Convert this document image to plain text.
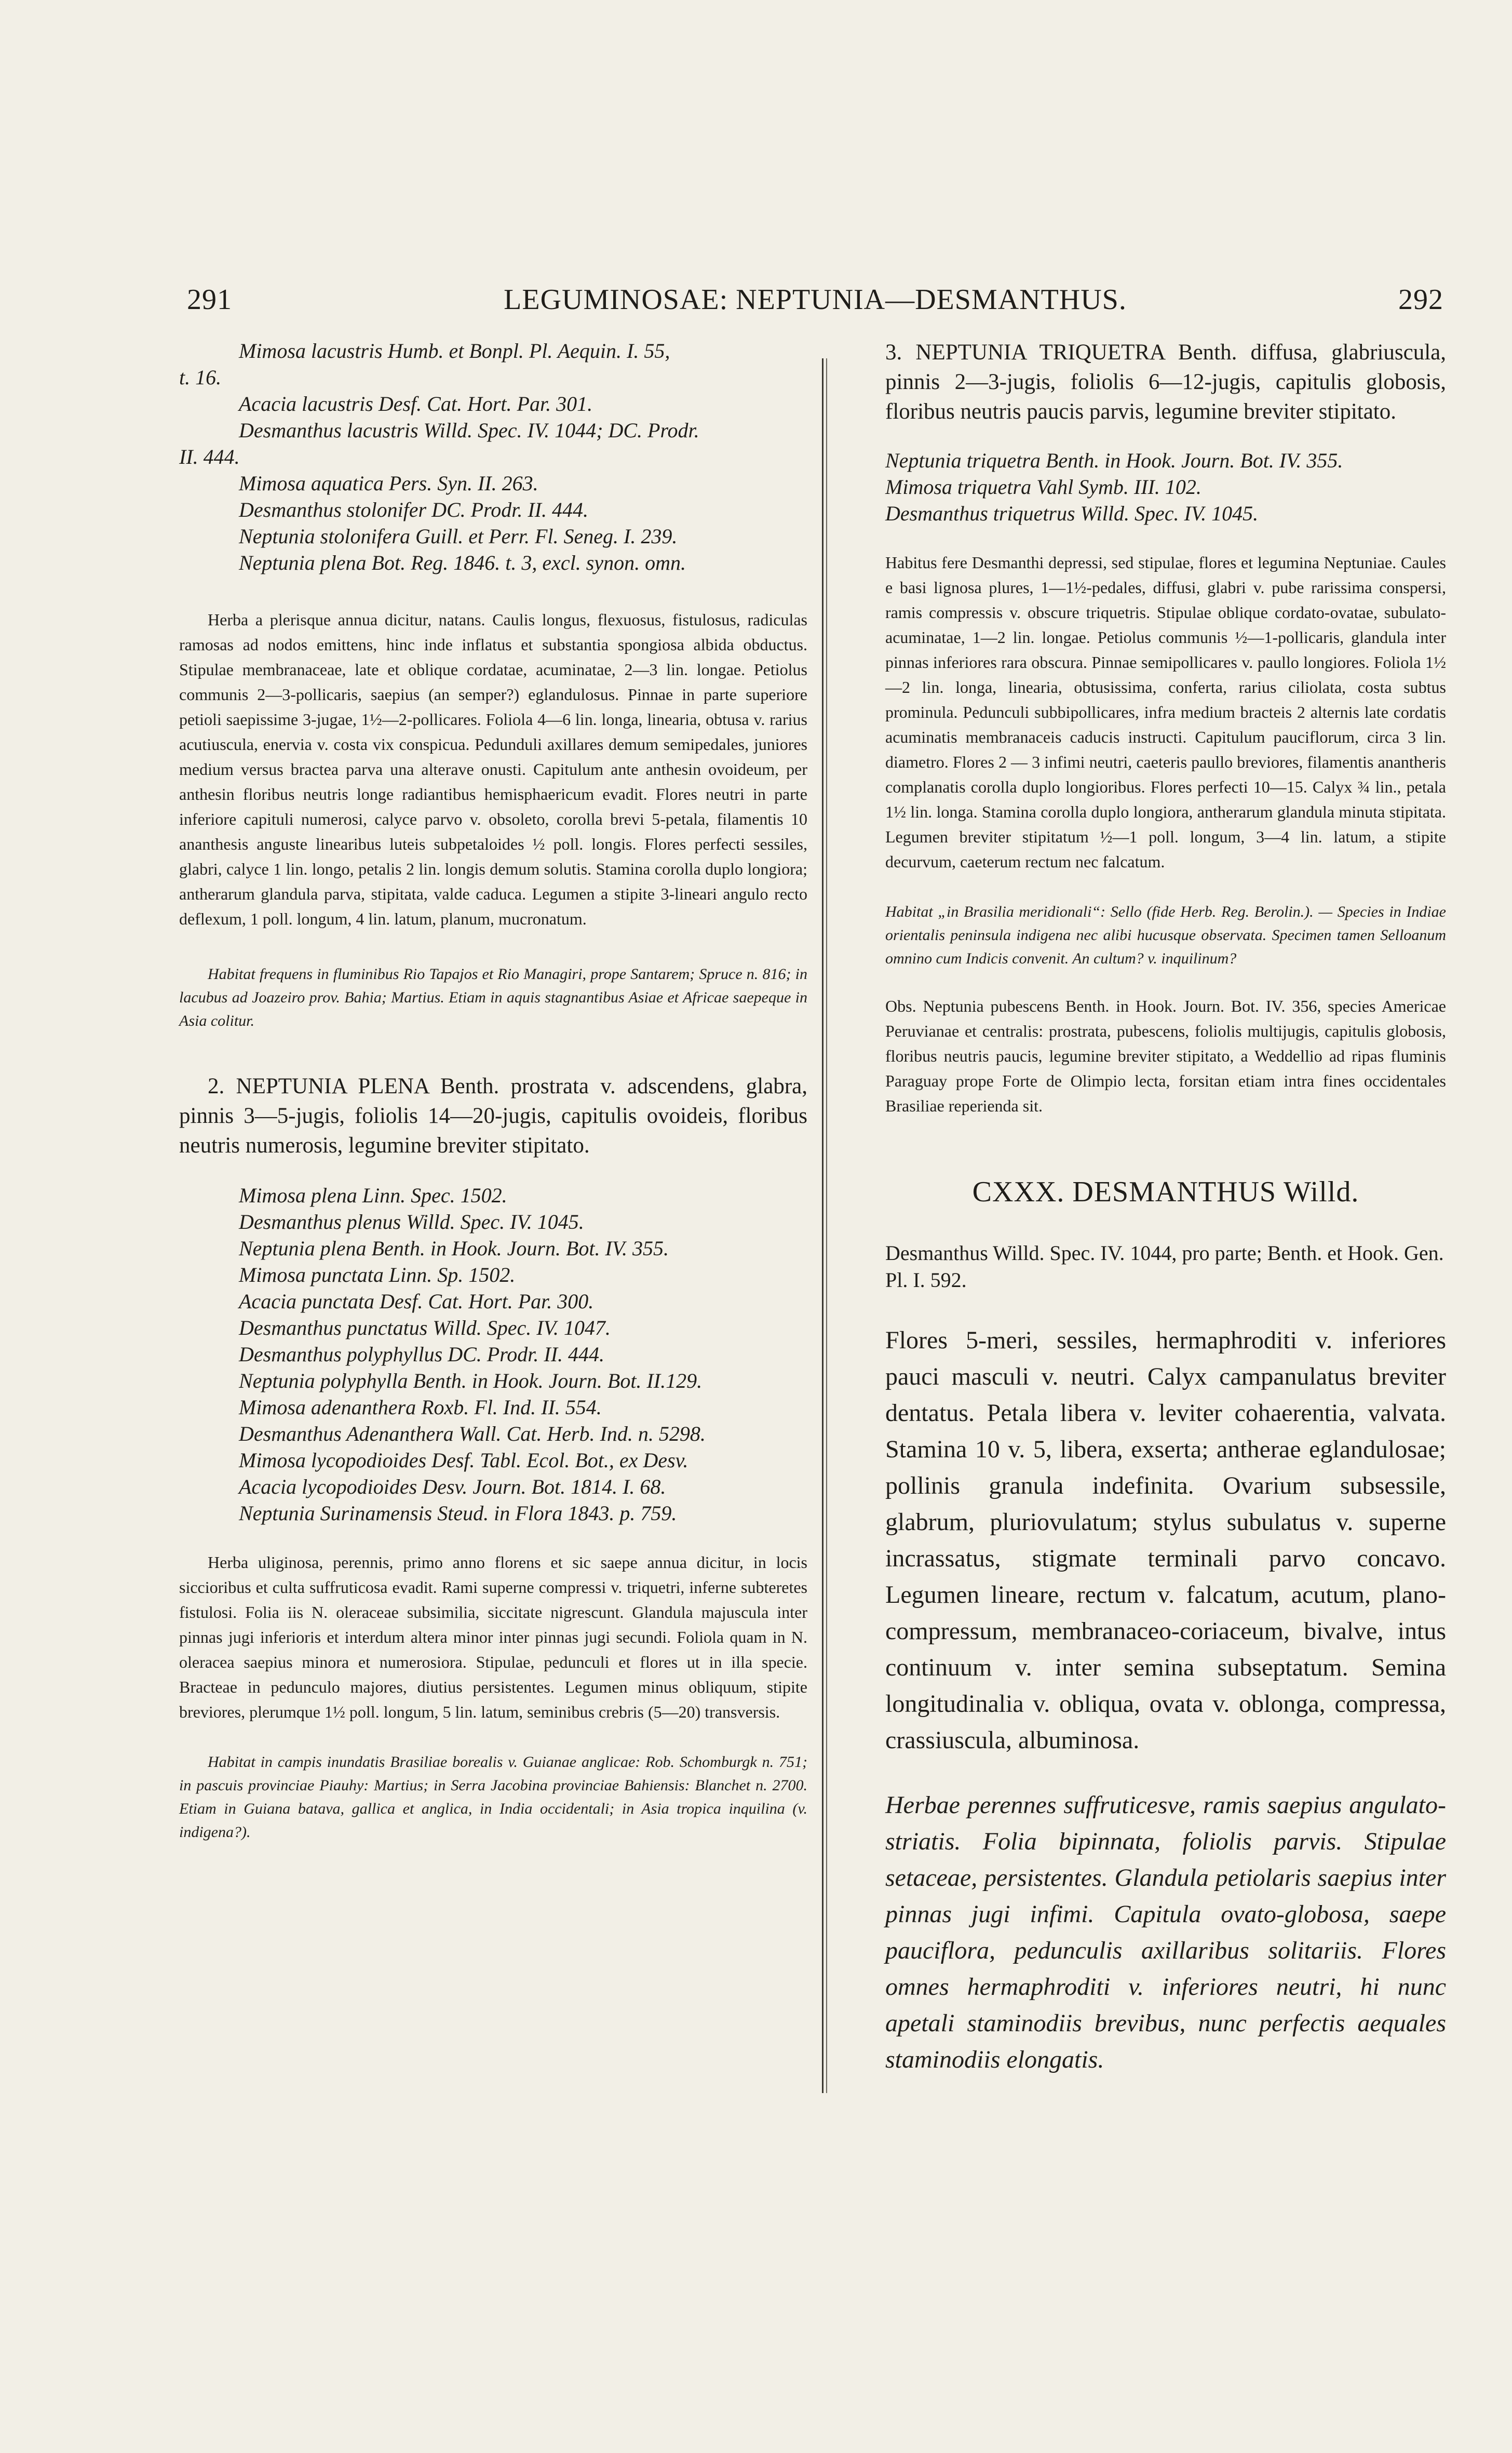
291	LEGUMINOSAE: NEPTUNIA—DESMANTHUS.	292
Mimosa lacustris Humb. et Bonpl. Pl. Aequin. I. 55,
t. 16.
Acacia lacustris Desf. Cat. Hort. Par. 301.
Desmanthus lacustris Willd. Spec. IV. 1044; DC. Prodr.
II. 444.
Mimosa aquatica Pers. Syn. II. 263.
Desmanthus stolonifer DC. Prodr. II. 444.
Neptunia stolonifera Guill. et Perr. Fl. Seneg. I. 239.
Neptunia plena Bot. Reg. 1846. t. 3, excl. synon. omn.

Herba a plerisque annua dicitur, natans. Caulis longus, flexuosus, fistulosus, radiculas ramosas ad nodos emittens, hinc inde inflatus et substantia spongiosa albida obductus. Stipulae membranaceae, late et oblique cordatae, acuminatae, 2—3 lin. longae. Petiolus communis 2—3-pollicaris, saepius (an semper?) eglandulosus. Pinnae in parte superiore petioli saepissime 3-jugae, 1½—2-pollicares. Foliola 4—6 lin. longa, linearia, obtusa v. rarius acutiuscula, enervia v. costa vix conspicua. Pedunduli axillares demum semipedales, juniores medium versus bractea parva una alterave onusti. Capitulum ante anthesin ovoideum, per anthesin floribus neutris longe radiantibus hemisphaericum evadit. Flores neutri in parte inferiore capituli numerosi, calyce parvo v. obsoleto, corolla brevi 5-petala, filamentis 10 ananthesis anguste linearibus luteis subpetaloides ½ poll. longis. Flores perfecti sessiles, glabri, calyce 1 lin. longo, petalis 2 lin. longis demum solutis. Stamina corolla duplo longiora; antherarum glandula parva, stipitata, valde caduca. Legumen a stipite 3-lineari angulo recto deflexum, 1 poll. longum, 4 lin. latum, planum, mucronatum.

Habitat frequens in fluminibus Rio Tapajos et Rio Managiri, prope Santarem; Spruce n. 816; in lacubus ad Joazeiro prov. Bahia; Martius. Etiam in aquis stagnantibus Asiae et Africae saepeque in Asia colitur.

2. NEPTUNIA PLENA Benth. prostrata v. adscendens, glabra, pinnis 3—5-jugis, foliolis 14—20-jugis, capitulis ovoideis, floribus neutris numerosis, legumine breviter stipitato.

Mimosa plena Linn. Spec. 1502.
Desmanthus plenus Willd. Spec. IV. 1045.
Neptunia plena Benth. in Hook. Journ. Bot. IV. 355.
Mimosa punctata Linn. Sp. 1502.
Acacia punctata Desf. Cat. Hort. Par. 300.
Desmanthus punctatus Willd. Spec. IV. 1047.
Desmanthus polyphyllus DC. Prodr. II. 444.
Neptunia polyphylla Benth. in Hook. Journ. Bot. II.129.
Mimosa adenanthera Roxb. Fl. Ind. II. 554.
Desmanthus Adenanthera Wall. Cat. Herb. Ind. n. 5298.
Mimosa lycopodioides Desf. Tabl. Ecol. Bot., ex Desv.
Acacia lycopodioides Desv. Journ. Bot. 1814. I. 68.
Neptunia Surinamensis Steud. in Flora 1843. p. 759.

Herba uliginosa, perennis, primo anno florens et sic saepe annua dicitur, in locis siccioribus et culta suffruticosa evadit. Rami superne compressi v. triquetri, inferne subteretes fistulosi. Folia iis N. oleraceae subsimilia, siccitate nigrescunt. Glandula majuscula inter pinnas jugi inferioris et interdum altera minor inter pinnas jugi secundi. Foliola quam in N. oleracea saepius minora et numerosiora. Stipulae, pedunculi et flores ut in illa specie. Bracteae in pedunculo majores, diutius persistentes. Legumen minus obliquum, stipite breviores, plerumque 1½ poll. longum, 5 lin. latum, seminibus crebris (5—20) transversis.

Habitat in campis inundatis Brasiliae borealis v. Guianae anglicae: Rob. Schomburgk n. 751; in pascuis provinciae Piauhy: Martius; in Serra Jacobina provinciae Bahiensis: Blanchet n. 2700. Etiam in Guiana batava, gallica et anglica, in India occidentali; in Asia tropica inquilina (v. indigena?).

3. NEPTUNIA TRIQUETRA Benth. diffusa, glabriuscula, pinnis 2—3-jugis, foliolis 6—12-jugis, capitulis globosis, floribus neutris paucis parvis, legumine breviter stipitato.

Neptunia triquetra Benth. in Hook. Journ. Bot. IV. 355.
Mimosa triquetra Vahl Symb. III. 102.
Desmanthus triquetrus Willd. Spec. IV. 1045.

Habitus fere Desmanthi depressi, sed stipulae, flores et legumina Neptuniae. Caules e basi lignosa plures, 1—1½-pedales, diffusi, glabri v. pube rarissima conspersi, ramis compressis v. obscure triquetris. Stipulae oblique cordato-ovatae, subulato-acuminatae, 1—2 lin. longae. Petiolus communis ½—1-pollicaris, glandula inter pinnas inferiores rara obscura. Pinnae semipollicares v. paullo longiores. Foliola 1½—2 lin. longa, linearia, obtusissima, conferta, rarius ciliolata, costa subtus prominula. Pedunculi subbipollicares, infra medium bracteis 2 alternis late cordatis acuminatis membranaceis caducis instructi. Capitulum pauciflorum, circa 3 lin. diametro. Flores 2 — 3 infimi neutri, caeteris paullo breviores, filamentis anantheris complanatis corolla duplo longioribus. Flores perfecti 10—15. Calyx ¾ lin., petala 1½ lin. longa. Stamina corolla duplo longiora, antherarum glandula minuta stipitata. Legumen breviter stipitatum ½—1 poll. longum, 3—4 lin. latum, a stipite decurvum, caeterum rectum nec falcatum.

Habitat „in Brasilia meridionali“: Sello (fide Herb. Reg. Berolin.). — Species in Indiae orientalis peninsula indigena nec alibi hucusque observata. Specimen tamen Selloanum omnino cum Indicis convenit. An cultum? v. inquilinum?

Obs. Neptunia pubescens Benth. in Hook. Journ. Bot. IV. 356, species Americae Peruvianae et centralis: prostrata, pubescens, foliolis multijugis, capitulis globosis, floribus neutris paucis, legumine breviter stipitato, a Weddellio ad ripas fluminis Paraguay prope Forte de Olimpio lecta, forsitan etiam intra fines occidentales Brasiliae reperienda sit.

CXXX. DESMANTHUS Willd.

Desmanthus Willd. Spec. IV. 1044, pro parte; Benth. et Hook. Gen. Pl. I. 592.

Flores 5-meri, sessiles, hermaphroditi v. inferiores pauci masculi v. neutri. Calyx campanulatus breviter dentatus. Petala libera v. leviter cohaerentia, valvata. Stamina 10 v. 5, libera, exserta; antherae eglandulosae; pollinis granula indefinita. Ovarium subsessile, glabrum, pluriovulatum; stylus subulatus v. superne incrassatus, stigmate terminali parvo concavo. Legumen lineare, rectum v. falcatum, acutum, plano-compressum, membranaceo-coriaceum, bivalve, intus continuum v. inter semina subseptatum. Semina longitudinalia v. obliqua, ovata v. oblonga, compressa, crassiuscula, albuminosa.

Herbae perennes suffruticesve, ramis saepius angulato-striatis. Folia bipinnata, foliolis parvis. Stipulae setaceae, persistentes. Glandula petiolaris saepius inter pinnas jugi infimi. Capitula ovato-globosa, saepe pauciflora, pedunculis axillaribus solitariis. Flores omnes hermaphroditi v. inferiores neutri, hi nunc apetali staminodiis brevibus, nunc perfectis aequales staminodiis elongatis.
